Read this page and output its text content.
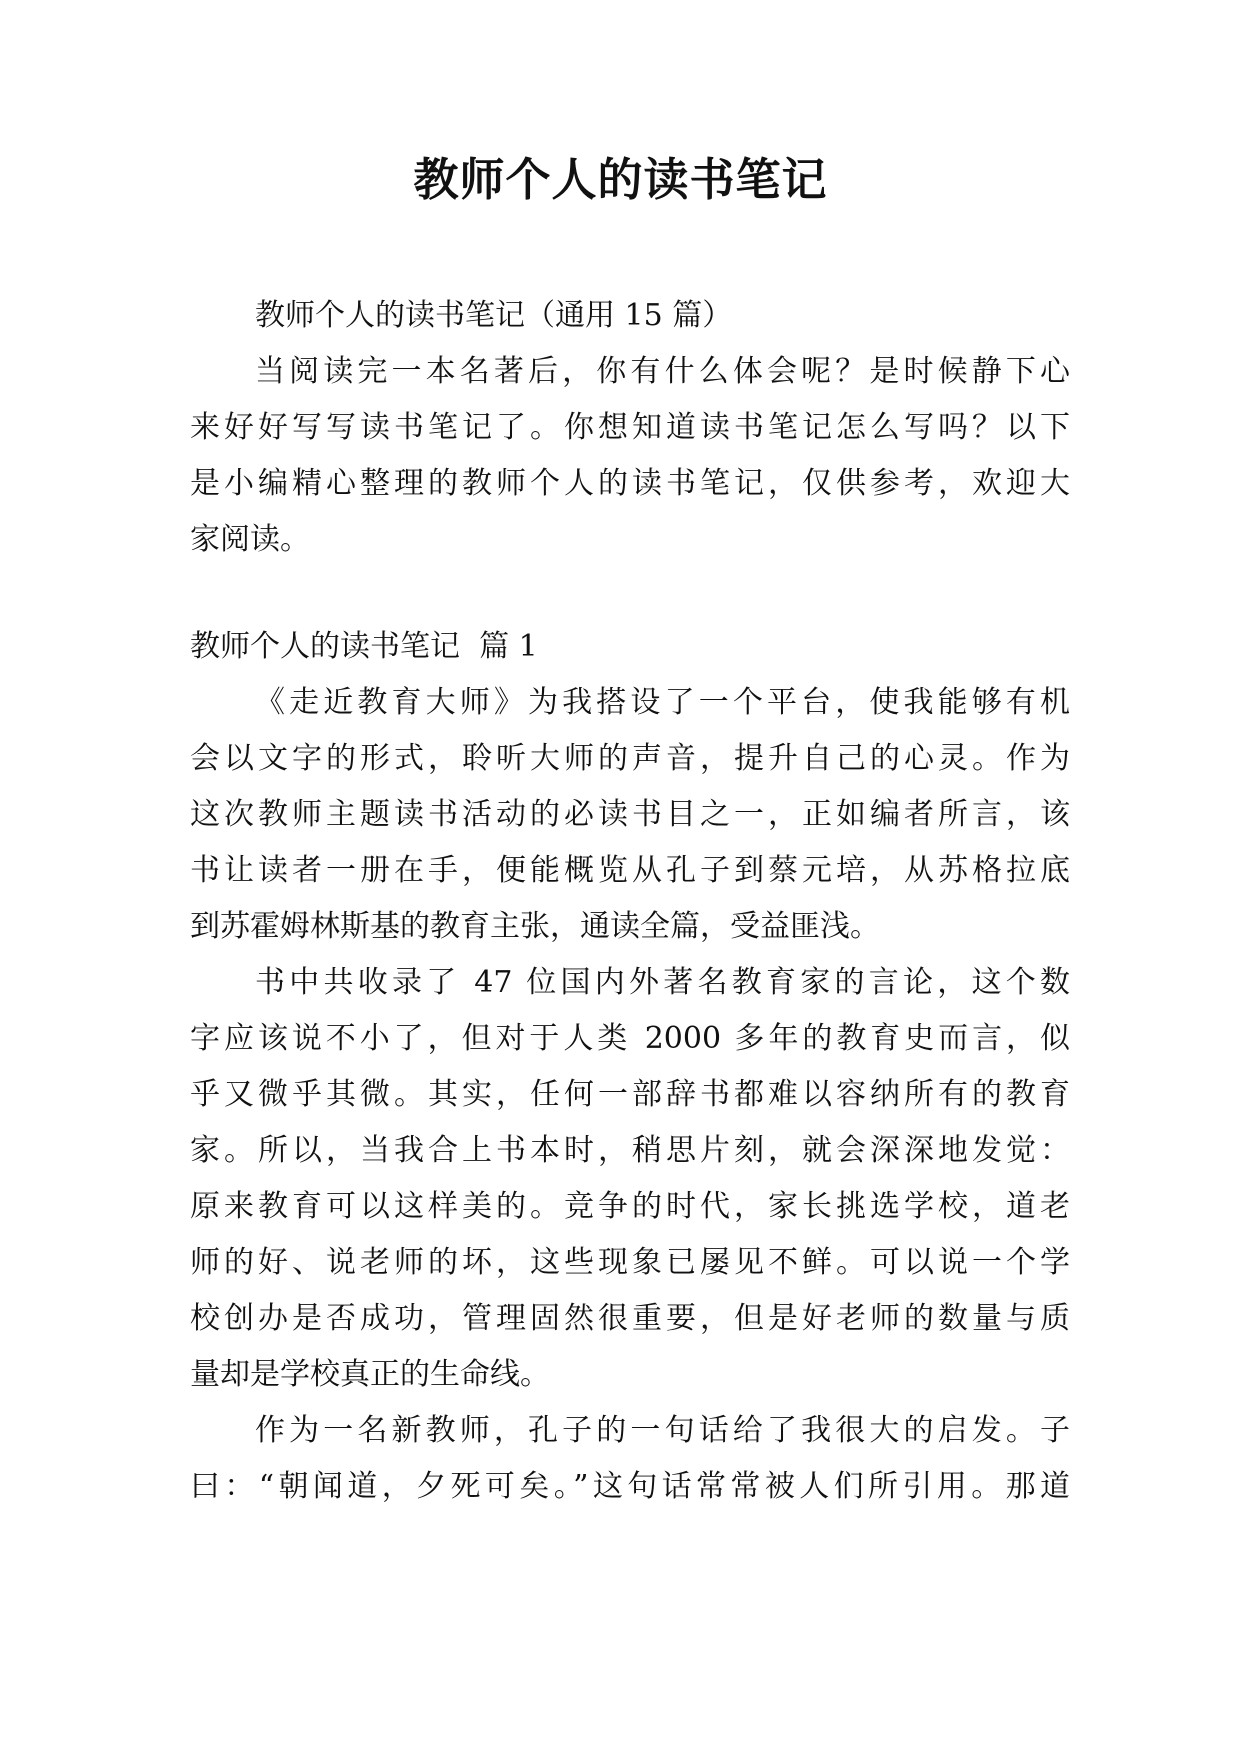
教师个人的读书笔记
教师个人的读书笔记（通用 15 篇）
当阅读完一本名著后，你有什么体会呢？是时候静下心
来好好写写读书笔记了。你想知道读书笔记怎么写吗？以下
是小编精心整理的教师个人的读书笔记，仅供参考，欢迎大
家阅读。
教师个人的读书笔记  篇 1
《走近教育大师》为我搭设了一个平台，使我能够有机
会以文字的形式，聆听大师的声音，提升自己的心灵。作为
这次教师主题读书活动的必读书目之一，正如编者所言，该
书让读者一册在手，便能概览从孔子到蔡元培，从苏格拉底
到苏霍姆林斯基的教育主张，通读全篇，受益匪浅。
书中共收录了 47 位国内外著名教育家的言论，这个数
字应该说不小了，但对于人类 2000 多年的教育史而言，似
乎又微乎其微。其实，任何一部辞书都难以容纳所有的教育
家。所以，当我合上书本时，稍思片刻，就会深深地发觉：
原来教育可以这样美的。竞争的时代，家长挑选学校，道老
师的好、说老师的坏，这些现象已屡见不鲜。可以说一个学
校创办是否成功，管理固然很重要，但是好老师的数量与质
量却是学校真正的生命线。
作为一名新教师，孔子的一句话给了我很大的启发。子
曰：“朝闻道，夕死可矣。”这句话常常被人们所引用。那道
